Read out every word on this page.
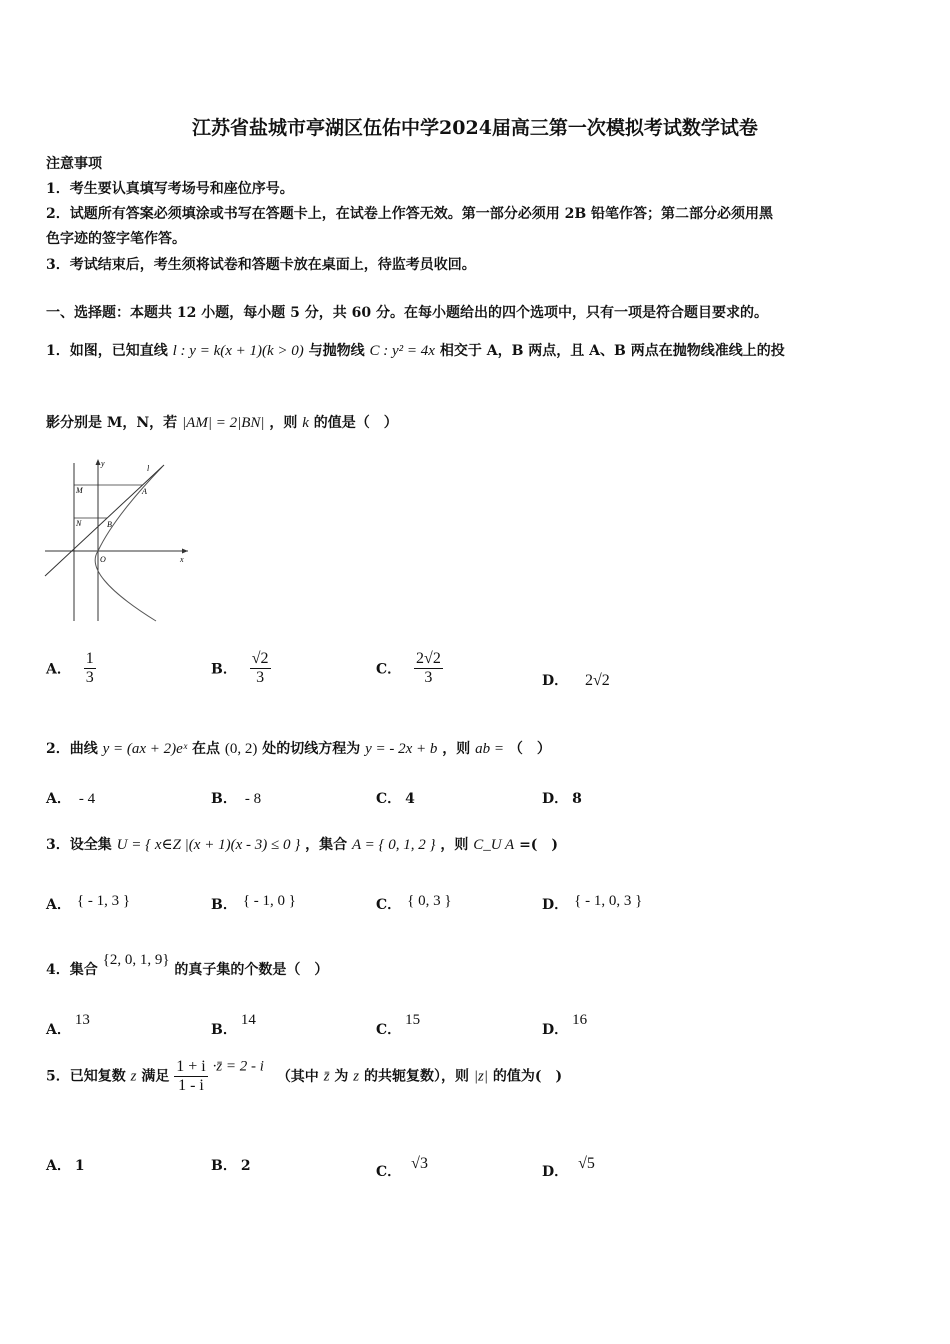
江苏省盐城市亭湖区伍佑中学2024届高三第一次模拟考试数学试卷
注意事项
1．考生要认真填写考场号和座位序号。
2．试题所有答案必须填涂或书写在答题卡上，在试卷上作答无效。第一部分必须用 2B 铅笔作答；第二部分必须用黑
色字迹的签字笔作答。
3．考试结束后，考生须将试卷和答题卡放在桌面上，待监考员收回。
一、选择题：本题共 12 小题，每小题 5 分，共 60 分。在每小题给出的四个选项中，只有一项是符合题目要求的。
1．如图，已知直线 l : y = k(x + 1)(k > 0) 与抛物线 C : y² = 4x 相交于 A，B 两点，且 A、B 两点在抛物线准线上的投
影分别是 M，N，若 |AM| = 2|BN| ，则 k 的值是（　）
y
x
O
l
A
B
M
N
A． $\frac{1}{3}$	B． $\frac{√2}{3}$	C． $\frac{2√2}{3}$	D． 2√2
2．曲线 y = (ax + 2)eˣ 在点 (0, 2) 处的切线方程为 y = - 2x + b ，则 ab = （　）
A． - 4	B． - 8	C． 4	D． 8
3．设全集 U = { x∈Z |(x + 1)(x - 3) ≤ 0 } ，集合 A = { 0, 1, 2 } ，则 C_U A =(　)
A． { - 1, 3 }	B． { - 1, 0 }	C． { 0, 3 }	D． { - 1, 0, 3 }
4．集合 {2, 0, 1, 9} 的真子集的个数是（　）
A．13
B．14
C．15
D．16
5．已知复数 z 满足 $\frac{1 + i}{1 - i}$ ·z̄ = 2 - i （其中 z̄ 为 z 的共轭复数），则 |z| 的值为(　)
A． 1	B． 2	C． √3	D． √5
